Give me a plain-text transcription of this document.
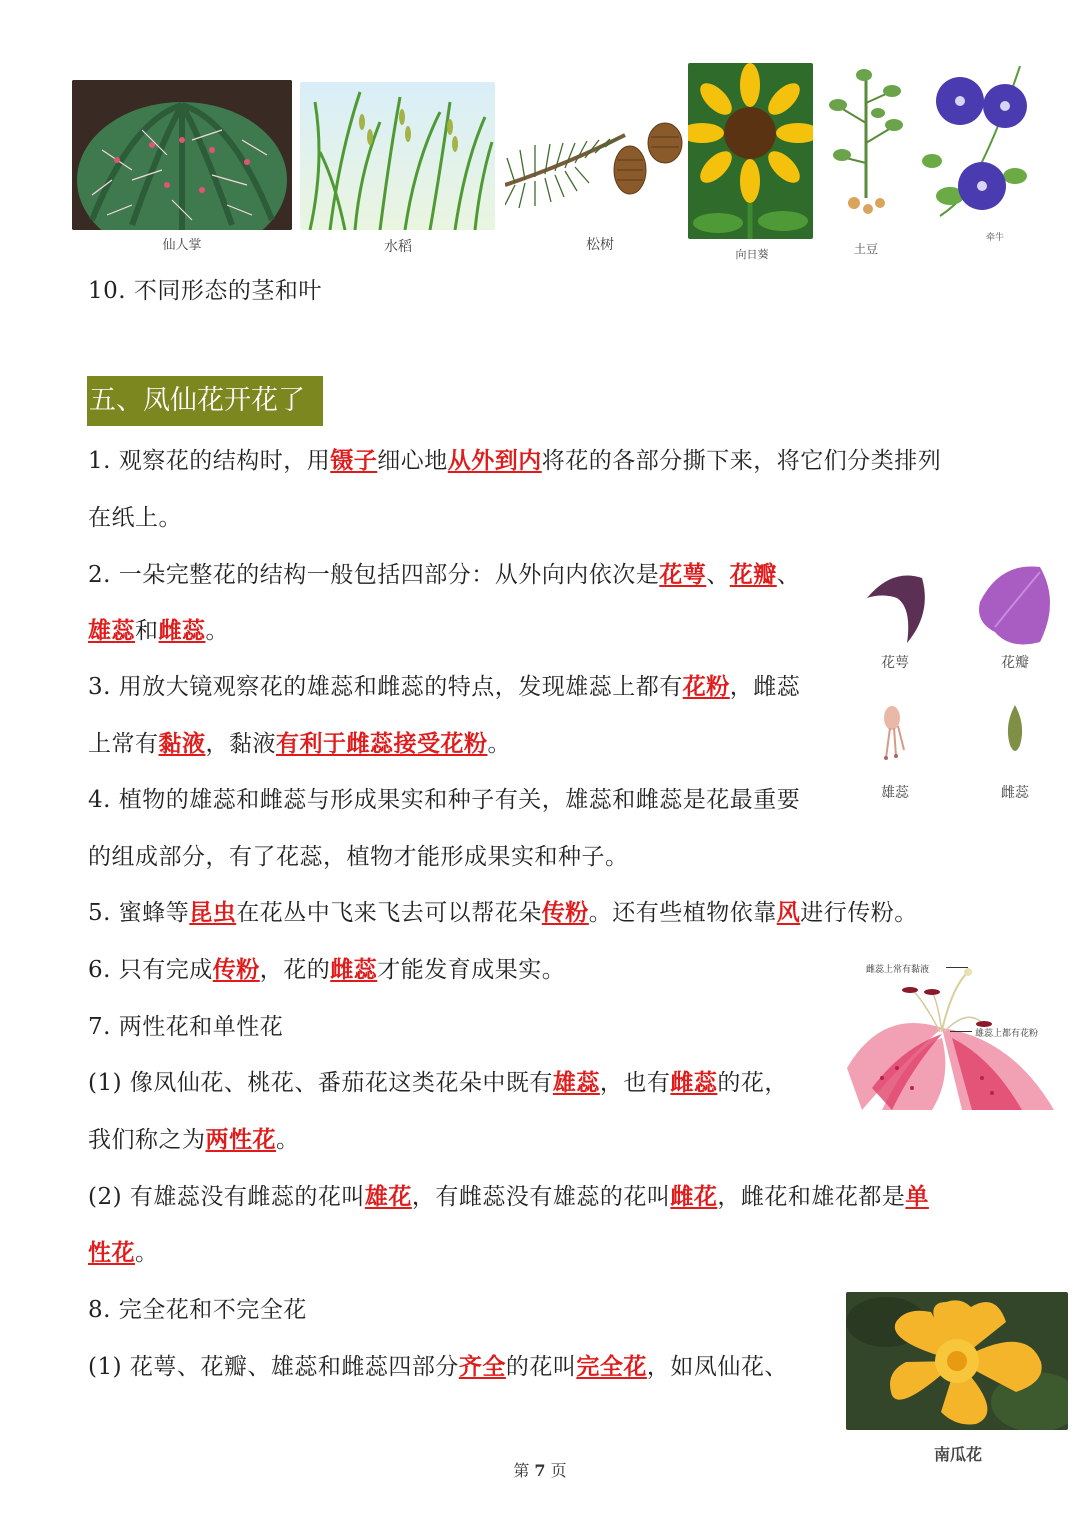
仙人掌	水稻	松树
向日葵	土豆
牵牛
10. 不同形态的茎和叶
五、凤仙花开花了
1. 观察花的结构时，用镊子细心地从外到内将花的各部分撕下来，将它们分类排列
在纸上。
2. 一朵完整花的结构一般包括四部分：从外向内依次是花萼、花瓣、
雄蕊和雌蕊。
3. 用放大镜观察花的雄蕊和雌蕊的特点，发现雄蕊上都有花粉，雌蕊
上常有黏液，黏液有利于雌蕊接受花粉。
花萼	花瓣
雄蕊	雌蕊
4. 植物的雄蕊和雌蕊与形成果实和种子有关，雄蕊和雌蕊是花最重要
的组成部分，有了花蕊，植物才能形成果实和种子。
5. 蜜蜂等昆虫在花丛中飞来飞去可以帮花朵传粉。还有些植物依靠风进行传粉。
6. 只有完成传粉，花的雌蕊才能发育成果实。	雌蕊上常有黏液
雄蕊上都有花粉
7. 两性花和单性花
(1) 像凤仙花、桃花、番茄花这类花朵中既有雄蕊，也有雌蕊的花，
我们称之为两性花。
(2) 有雄蕊没有雌蕊的花叫雄花，有雌蕊没有雄蕊的花叫雌花，雌花和雄花都是单
性花。
8. 完全花和不完全花
(1) 花萼、花瓣、雄蕊和雌蕊四部分齐全的花叫完全花，如凤仙花、
南瓜花
第 7 页
